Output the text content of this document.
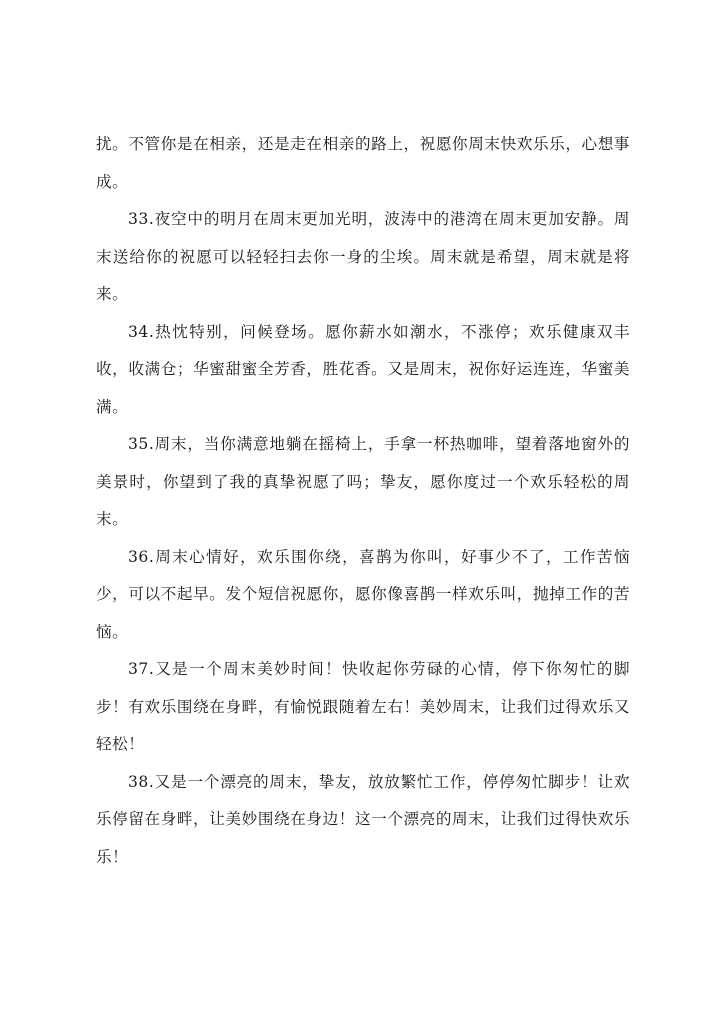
扰。不管你是在相亲，还是走在相亲的路上，祝愿你周末快欢乐乐，心想事成。

33.夜空中的明月在周末更加光明，波涛中的港湾在周末更加安静。周末送给你的祝愿可以轻轻扫去你一身的尘埃。周末就是希望，周末就是将来。

34.热忱特别，问候登场。愿你薪水如潮水，不涨停；欢乐健康双丰收，收满仓；华蜜甜蜜全芳香，胜花香。又是周末，祝你好运连连，华蜜美满。

35.周末，当你满意地躺在摇椅上，手拿一杯热咖啡，望着落地窗外的美景时，你望到了我的真挚祝愿了吗；挚友，愿你度过一个欢乐轻松的周末。

36.周末心情好，欢乐围你绕，喜鹊为你叫，好事少不了，工作苦恼少，可以不起早。发个短信祝愿你，愿你像喜鹊一样欢乐叫，抛掉工作的苦恼。

37.又是一个周末美妙时间！快收起你劳碌的心情，停下你匆忙的脚步！有欢乐围绕在身畔，有愉悦跟随着左右！美妙周末，让我们过得欢乐又轻松！

38.又是一个漂亮的周末，挚友，放放繁忙工作，停停匆忙脚步！让欢乐停留在身畔，让美妙围绕在身边！这一个漂亮的周末，让我们过得快欢乐乐！
